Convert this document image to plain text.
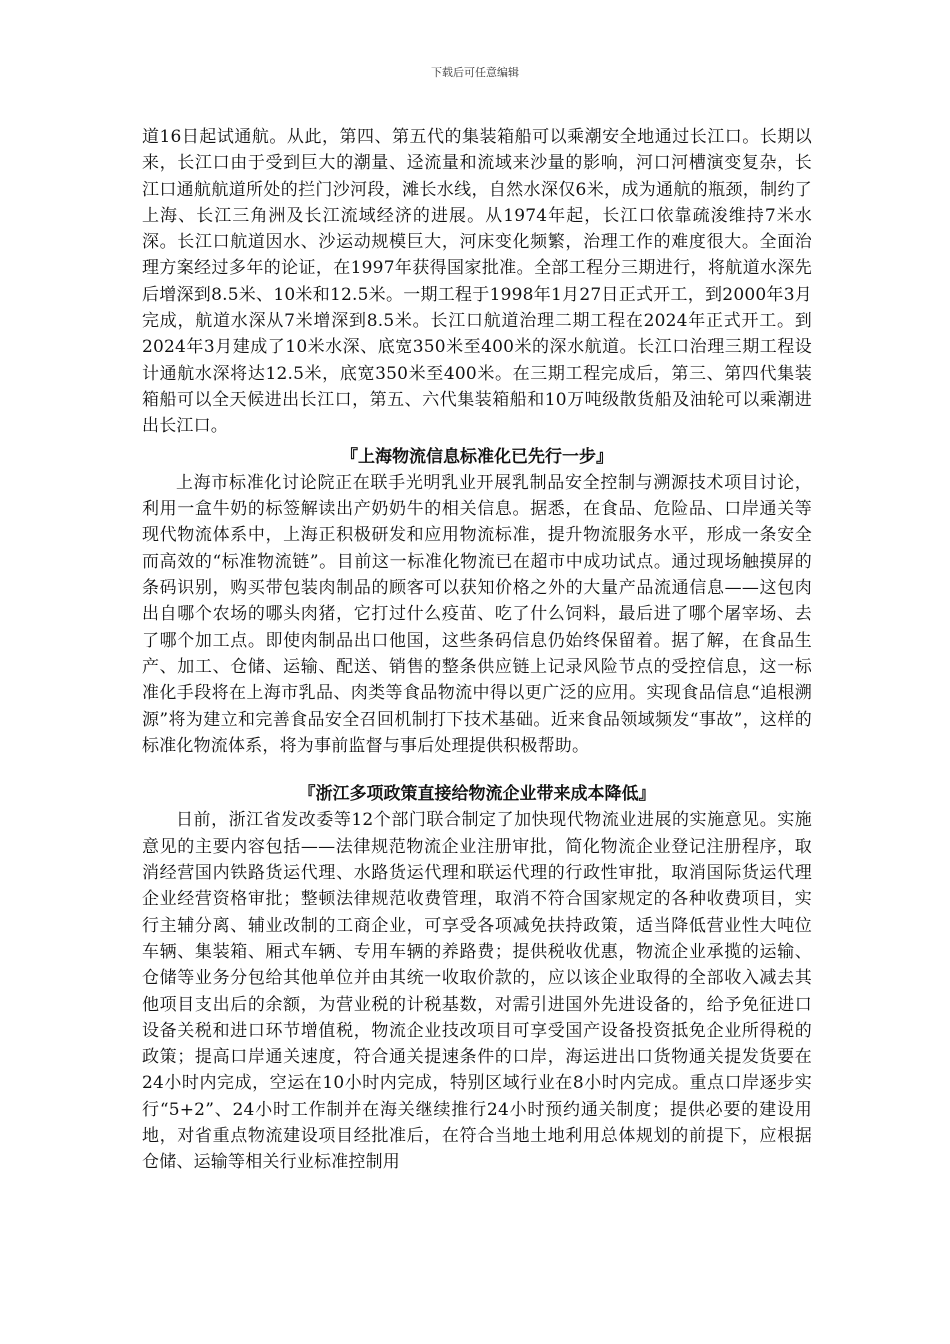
下载后可任意编辑

道16日起试通航。从此，第四、第五代的集装箱船可以乘潮安全地通过长江口。长期以来，长江口由于受到巨大的潮量、迳流量和流域来沙量的影响，河口河槽演变复杂，长江口通航航道所处的拦门沙河段，滩长水线，自然水深仅6米，成为通航的瓶颈，制约了上海、长江三角洲及长江流域经济的进展。从1974年起，长江口依靠疏浚维持7米水深。长江口航道因水、沙运动规模巨大，河床变化频繁，治理工作的难度很大。全面治理方案经过多年的论证，在1997年获得国家批准。全部工程分三期进行，将航道水深先后增深到8.5米、10米和12.5米。一期工程于1998年1月27日正式开工，到2000年3月完成，航道水深从7米增深到8.5米。长江口航道治理二期工程在2024年正式开工。到2024年3月建成了10米水深、底宽350米至400米的深水航道。长江口治理三期工程设计通航水深将达12.5米，底宽350米至400米。在三期工程完成后，第三、第四代集装箱船可以全天候进出长江口，第五、六代集装箱船和10万吨级散货船及油轮可以乘潮进出长江口。

『上海物流信息标准化已先行一步』

上海市标准化讨论院正在联手光明乳业开展乳制品安全控制与溯源技术项目讨论，利用一盒牛奶的标签解读出产奶奶牛的相关信息。据悉，在食品、危险品、口岸通关等现代物流体系中，上海正积极研发和应用物流标准，提升物流服务水平，形成一条安全而高效的“标准物流链”。目前这一标准化物流已在超市中成功试点。通过现场触摸屏的条码识别，购买带包装肉制品的顾客可以获知价格之外的大量产品流通信息——这包肉出自哪个农场的哪头肉猪，它打过什么疫苗、吃了什么饲料，最后进了哪个屠宰场、去了哪个加工点。即使肉制品出口他国，这些条码信息仍始终保留着。据了解，在食品生产、加工、仓储、运输、配送、销售的整条供应链上记录风险节点的受控信息，这一标准化手段将在上海市乳品、肉类等食品物流中得以更广泛的应用。实现食品信息“追根溯源”将为建立和完善食品安全召回机制打下技术基础。近来食品领域频发“事故”，这样的标准化物流体系，将为事前监督与事后处理提供积极帮助。

『浙江多项政策直接给物流企业带来成本降低』

日前，浙江省发改委等12个部门联合制定了加快现代物流业进展的实施意见。实施意见的主要内容包括——法律规范物流企业注册审批，简化物流企业登记注册程序，取消经营国内铁路货运代理、水路货运代理和联运代理的行政性审批，取消国际货运代理企业经营资格审批；整顿法律规范收费管理，取消不符合国家规定的各种收费项目，实行主辅分离、辅业改制的工商企业，可享受各项减免扶持政策，适当降低营业性大吨位车辆、集装箱、厢式车辆、专用车辆的养路费；提供税收优惠，物流企业承揽的运输、仓储等业务分包给其他单位并由其统一收取价款的，应以该企业取得的全部收入减去其他项目支出后的余额，为营业税的计税基数，对需引进国外先进设备的，给予免征进口设备关税和进口环节增值税，物流企业技改项目可享受国产设备投资抵免企业所得税的政策；提高口岸通关速度，符合通关提速条件的口岸，海运进出口货物通关提发货要在24小时内完成，空运在10小时内完成，特别区域行业在8小时内完成。重点口岸逐步实行“5+2”、24小时工作制并在海关继续推行24小时预约通关制度；提供必要的建设用地，对省重点物流建设项目经批准后，在符合当地土地利用总体规划的前提下，应根据仓储、运输等相关行业标准控制用
